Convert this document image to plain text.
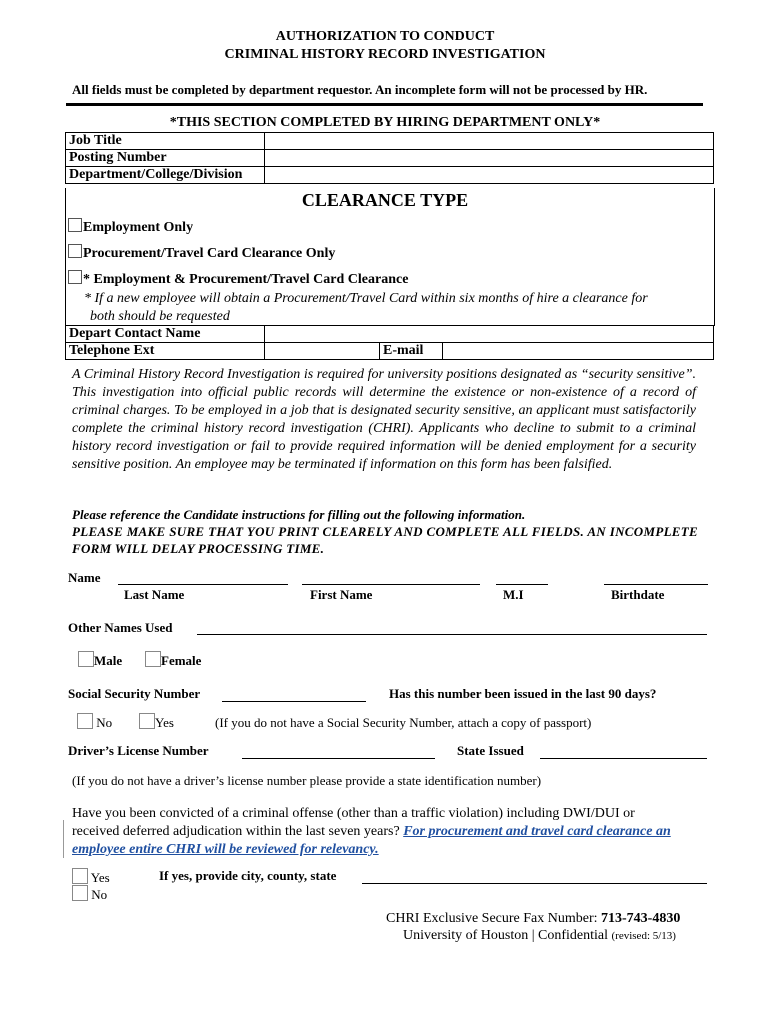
AUTHORIZATION TO CONDUCT
CRIMINAL HISTORY RECORD INVESTIGATION
All fields must be completed by department requestor. An incomplete form will not be processed by HR.
*THIS SECTION COMPLETED BY HIRING DEPARTMENT ONLY*
Job Title	
Posting Number	
Department/College/Division	
CLEARANCE TYPE
Employment Only
Procurement/Travel Card Clearance Only
* Employment & Procurement/Travel Card Clearance
* If a new employee will obtain a Procurement/Travel Card within six months of hire a clearance for
both should be requested
Depart Contact Name			
Telephone Ext		E-mail	
A Criminal History Record Investigation is required for university positions designated as “security sensitive”. This investigation into official public records will determine the existence or non-existence of a record of criminal charges. To be employed in a job that is designated security sensitive, an applicant must satisfactorily complete the criminal history record investigation (CHRI). Applicants who decline to submit to a criminal history record investigation or fail to provide required information will be denied employment for a security sensitive position. An employee may be terminated if information on this form has been falsified.
Please reference the Candidate instructions for filling out the following information.
PLEASE MAKE SURE THAT YOU PRINT CLEARELY AND COMPLETE ALL FIELDS. AN INCOMPLETE FORM WILL DELAY PROCESSING TIME.
Name
Last Name	First Name	M.I	Birthdate
Other Names Used
Male	Female
Social Security Number	Has this number been issued in the last 90 days?
No	Yes	(If you do not have a Social Security Number, attach a copy of passport)
Driver’s License Number	State Issued
(If you do not have a driver’s license number please provide a state identification number)
Have you been convicted of a criminal offense (other than a traffic violation) including DWI/DUI or
received deferred adjudication within the last seven years? For procurement and travel card clearance an
employee entire CHRI will be reviewed for relevancy.
Yes
No
If yes, provide city, county, state
CHRI Exclusive Secure Fax Number: 713-743-4830
University of Houston | Confidential (revised: 5/13)
